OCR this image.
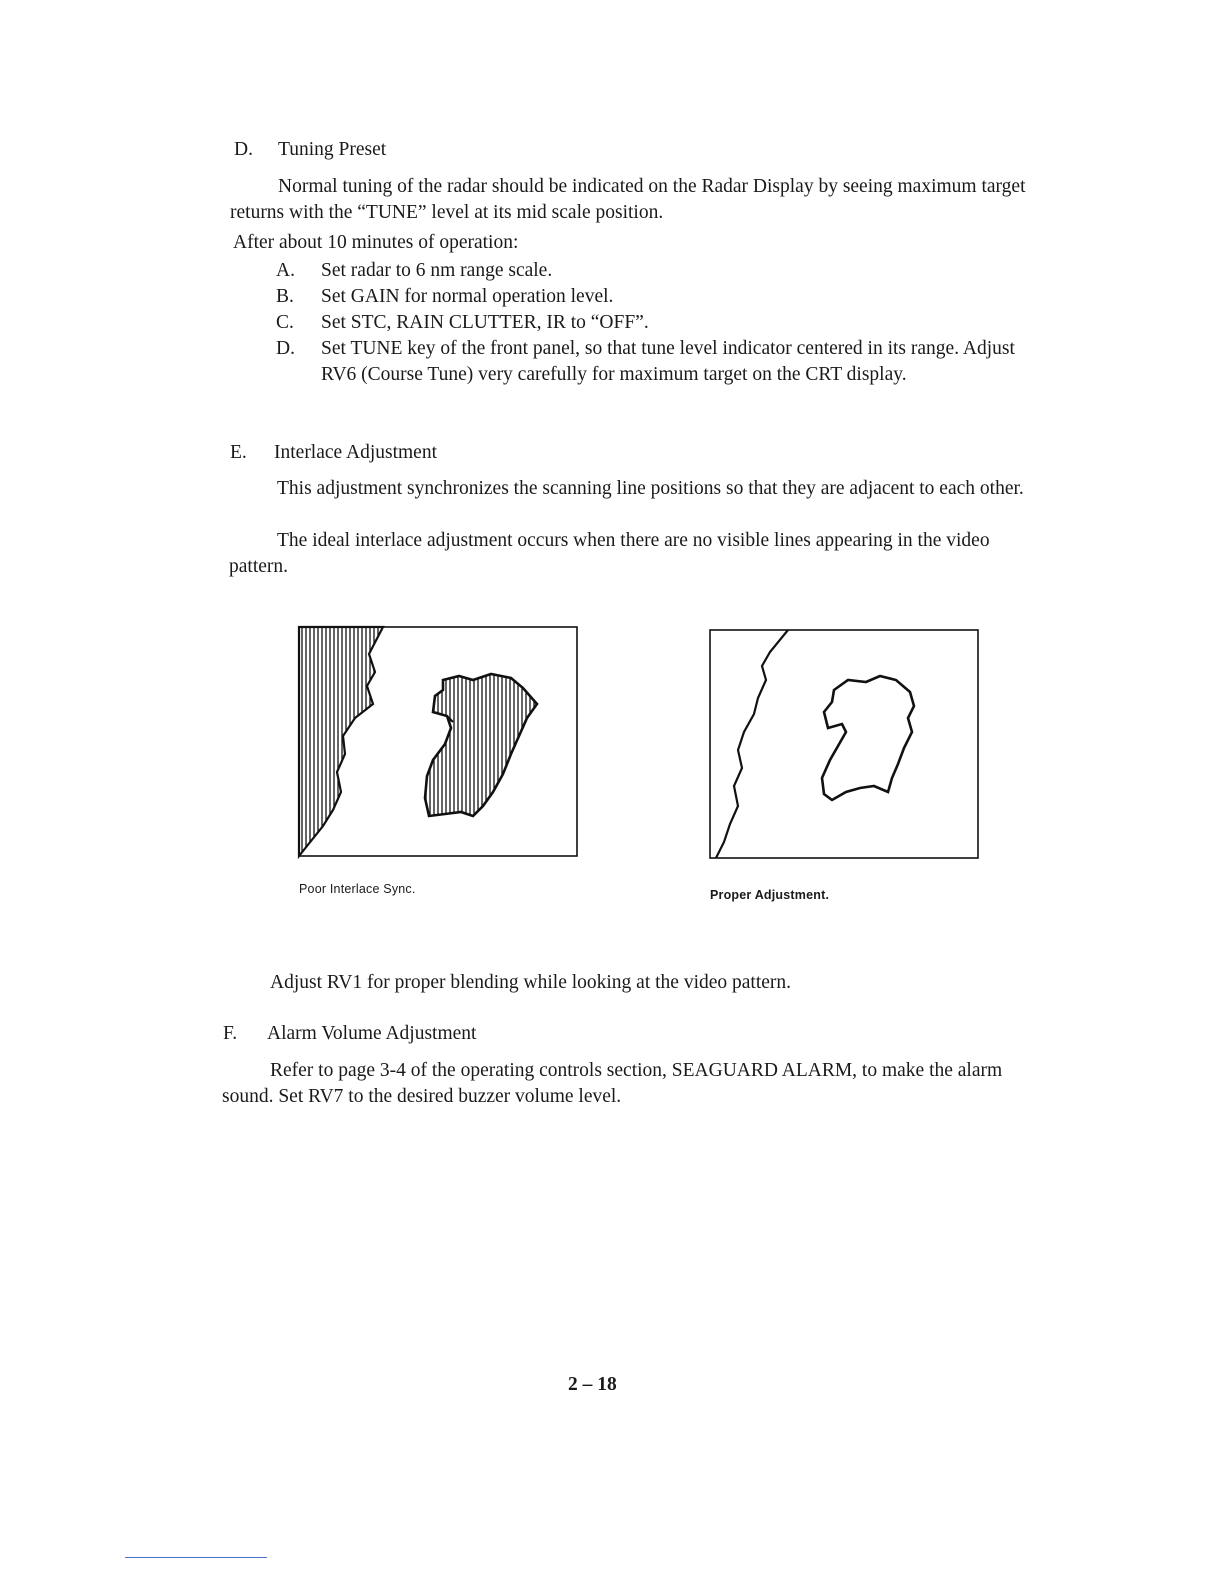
D. Tuning Preset

Normal tuning of the radar should be indicated on the Radar Display by seeing maximum target returns with the “TUNE” level at its mid scale position.

After about 10 minutes of operation:
A. Set radar to 6 nm range scale.
B. Set GAIN for normal operation level.
C. Set STC, RAIN CLUTTER, IR to “OFF”.
D. Set TUNE key of the front panel, so that tune level indicator centered in its range. Adjust RV6 (Course Tune) very carefully for maximum target on the CRT display.
E. Interlace Adjustment

This adjustment synchronizes the scanning line positions so that they are adjacent to each other.

The ideal interlace adjustment occurs when there are no visible lines appearing in the video pattern.

Poor Interlace Sync.	Proper Adjustment.
Adjust RV1 for proper blending while looking at the video pattern.
F. Alarm Volume Adjustment

Refer to page 3-4 of the operating controls section, SEAGUARD ALARM, to make the alarm sound. Set RV7 to the desired buzzer volume level.

2 – 18
